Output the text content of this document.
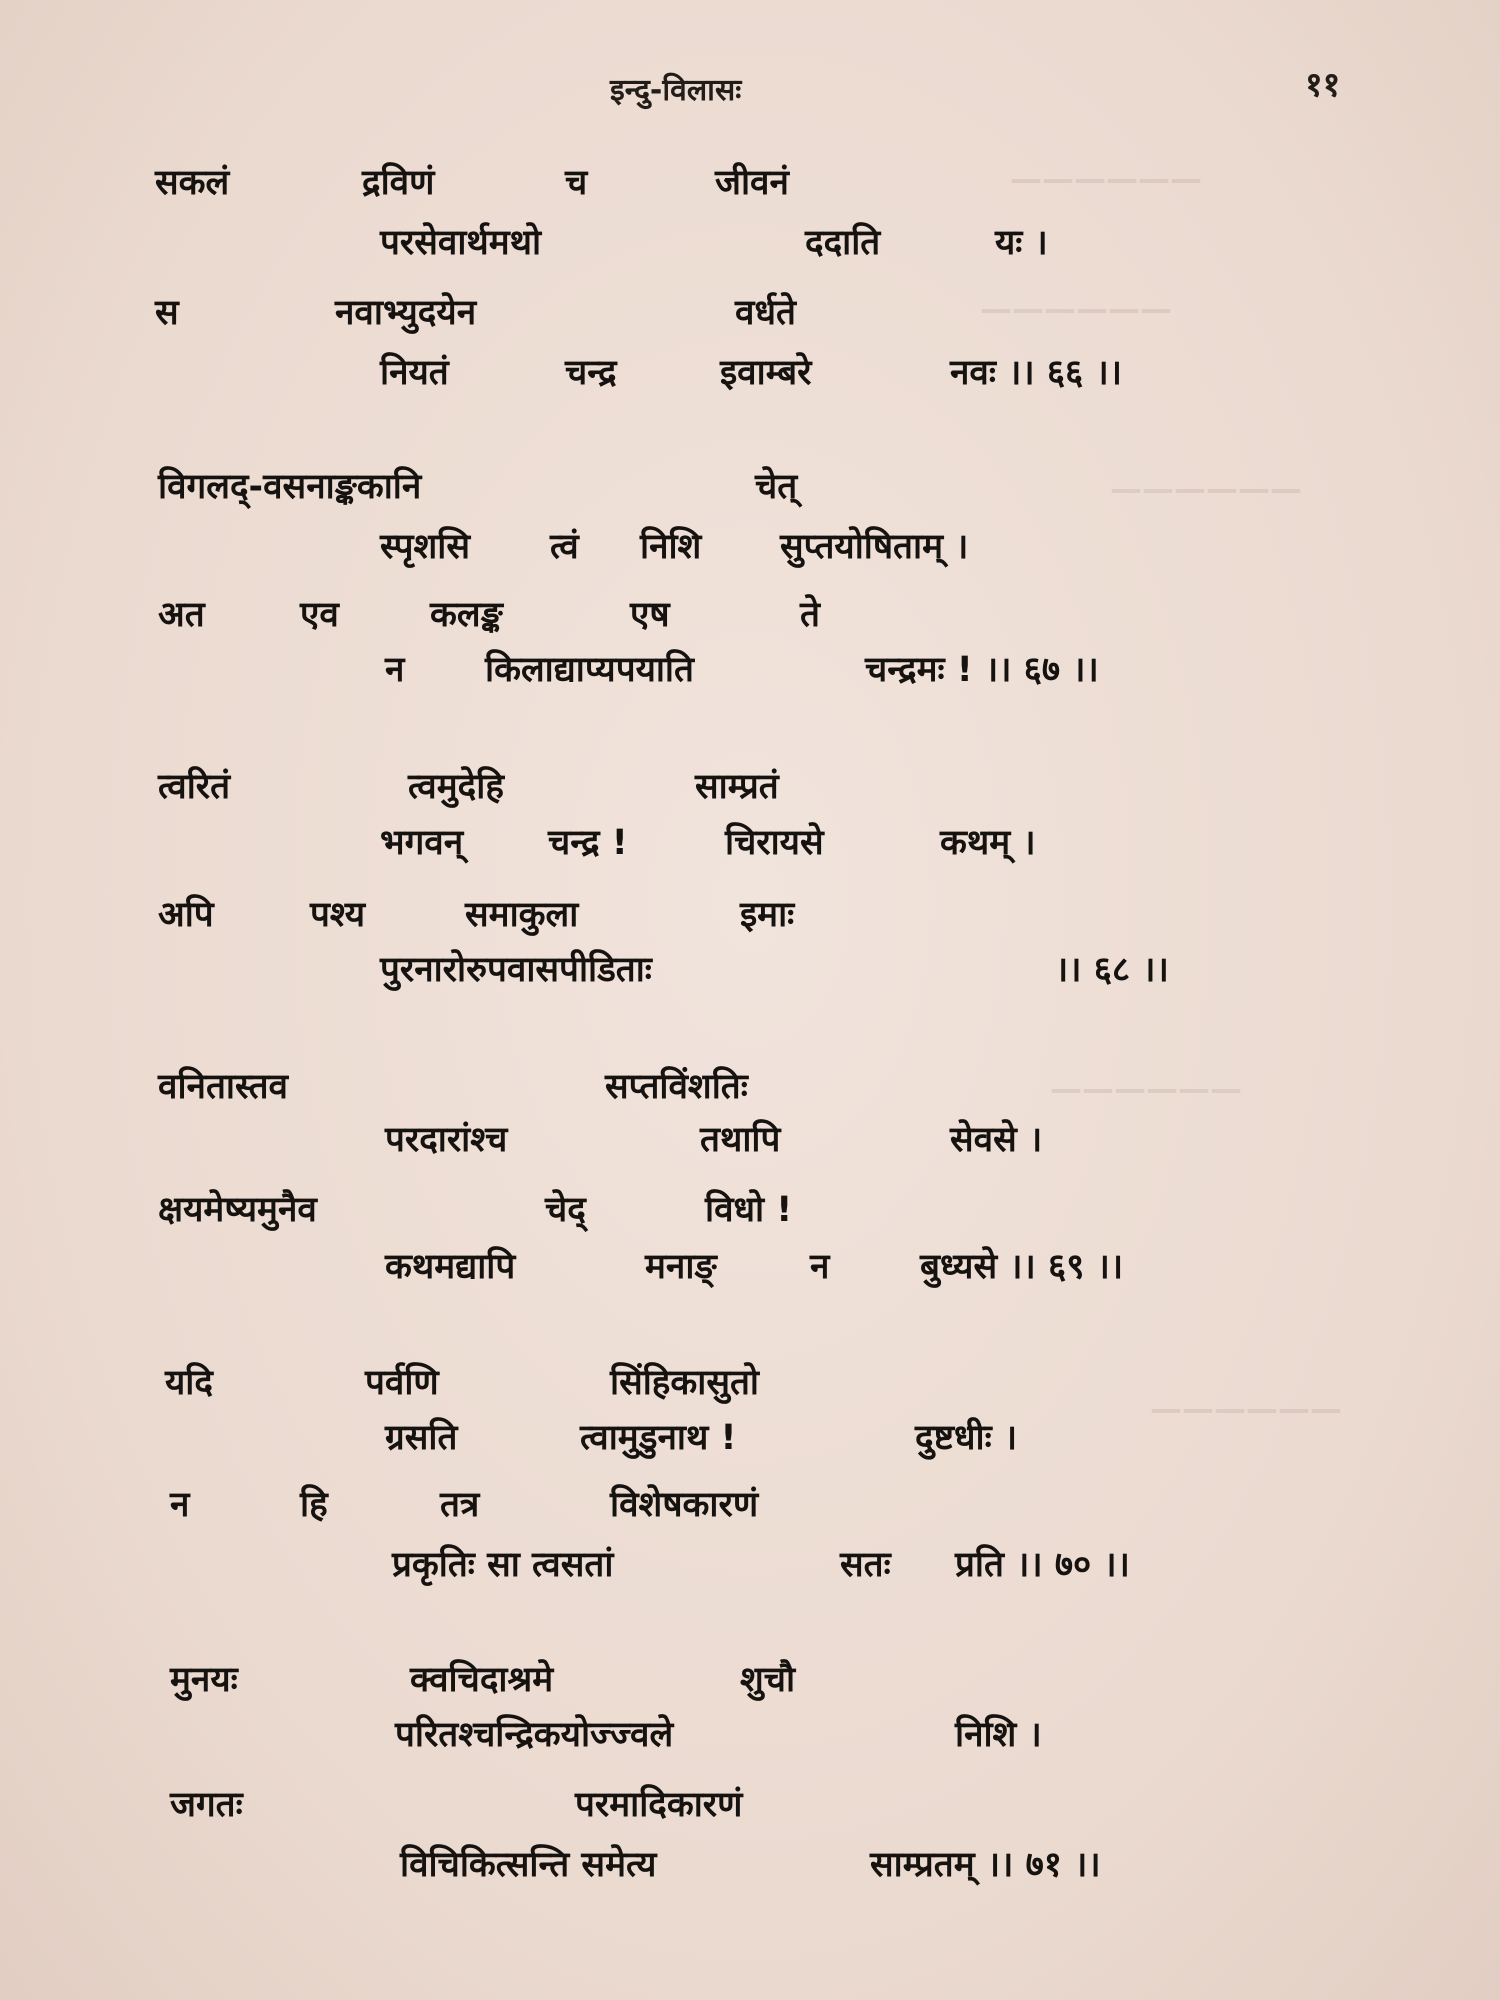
——————
——————
——————
——————
——————
इन्दु-विलासः	११
सकलं	द्रविणं	च	जीवनं
परसेवार्थमथो	ददाति	यः ।
स	नवाभ्युदयेन	वर्धते
नियतं	चन्द्र	इवाम्बरे	नवः ।। ६६ ।।
विगलद्-वसनाङ्ककानि	चेत्
स्पृशसि त्वं निशि सुप्तयोषिताम् ।
अत	एव	कलङ्क	एष	ते
न किलाद्याप्यपयाति	चन्द्रमः ! ।। ६७ ।।
त्वरितं	त्वमुदेहि	साम्प्रतं
भगवन् चन्द्र !	चिरायसे	कथम् ।
अपि	पश्य	समाकुला	इमाः
पुरनारोरुपवासपीडिताः	।। ६८ ।।
वनितास्तव	सप्तविंशतिः
परदारांश्च	तथापि	सेवसे ।
क्षयमेष्यमुनैव	चेद्	विधो !
कथमद्यापि	मनाङ्	न	बुध्यसे ।। ६९ ।।
यदि	पर्वणि	सिंहिकासुतो
ग्रसति	त्वामुडुनाथ !	दुष्टधीः ।
न	हि	तत्र	विशेषकारणं
प्रकृतिः सा त्वसतां	सतः प्रति ।। ७० ।।
मुनयः	क्वचिदाश्रमे	शुचौ
परितश्चन्द्रिकयोज्ज्वले	निशि ।
जगतः	परमादिकारणं
विचिकित्सन्ति समेत्य	साम्प्रतम् ।। ७१ ।।
